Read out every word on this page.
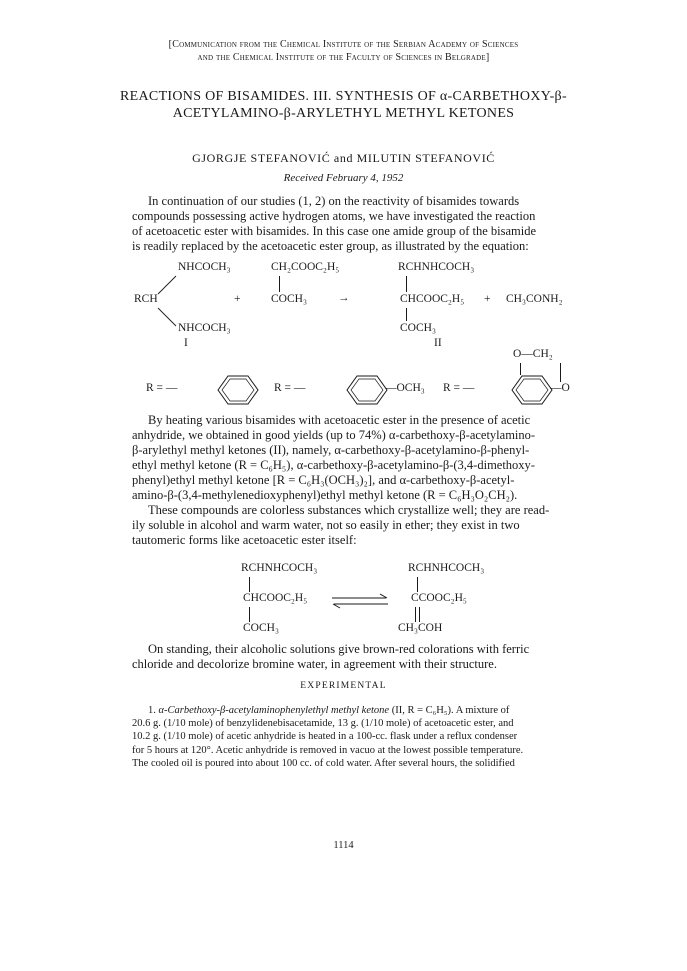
[Communication from the Chemical Institute of the Serbian Academy of Sciences
and the Chemical Institute of the Faculty of Sciences in Belgrade]
REACTIONS OF BISAMIDES. III. SYNTHESIS OF α-CARBETHOXY-β-
ACETYLAMINO-β-ARYLETHYL METHYL KETONES
GJORGJE STEFANOVIĆ and MILUTIN STEFANOVIĆ
Received February 4, 1952
In continuation of our studies (1, 2) on the reactivity of bisamides towards
compounds possessing active hydrogen atoms, we have investigated the reaction
of acetoacetic ester with bisamides. In this case one amide group of the bisamide
is readily replaced by the acetoacetic ester group, as illustrated by the equation:
NHCOCH₃
RCH
NHCOCH₃
I
+
CH₂COOC₂H₅
COCH₃	→
RCHNHCOCH₃
CHCOOC₂H₅
COCH₃
II
+ CH₃CONH₂
R = —	R = —	—OCH₃ R = —
O—CH₂
—O
By heating various bisamides with acetoacetic ester in the presence of acetic
anhydride, we obtained in good yields (up to 74%) α-carbethoxy-β-acetylamino-
β-arylethyl methyl ketones (II), namely, α-carbethoxy-β-acetylamino-β-phenyl-
ethyl methyl ketone (R = C₆H₅), α-carbethoxy-β-acetylamino-β-(3,4-dimethoxy-
phenyl)ethyl methyl ketone [R = C₆H₃(OCH₃)₂], and α-carbethoxy-β-acetyl-
amino-β-(3,4-methylenedioxyphenyl)ethyl methyl ketone (R = C₆H₃O₂CH₂).
These compounds are colorless substances which crystallize well; they are read-
ily soluble in alcohol and warm water, not so easily in ether; they exist in two
tautomeric forms like acetoacetic ester itself:
RCHNHCOCH₃
CHCOOC₂H₅
COCH₃
RCHNHCOCH₃
CCOOC₂H₅
CH₃COH
On standing, their alcoholic solutions give brown-red colorations with ferric
chloride and decolorize bromine water, in agreement with their structure.
EXPERIMENTAL
1. α-Carbethoxy-β-acetylaminophenylethyl methyl ketone (II, R = C₆H₅). A mixture of
20.6 g. (1/10 mole) of benzylidenebisacetamide, 13 g. (1/10 mole) of acetoacetic ester, and
10.2 g. (1/10 mole) of acetic anhydride is heated in a 100-cc. flask under a reflux condenser
for 5 hours at 120°. Acetic anhydride is removed in vacuo at the lowest possible temperature.
The cooled oil is poured into about 100 cc. of cold water. After several hours, the solidified
1114
